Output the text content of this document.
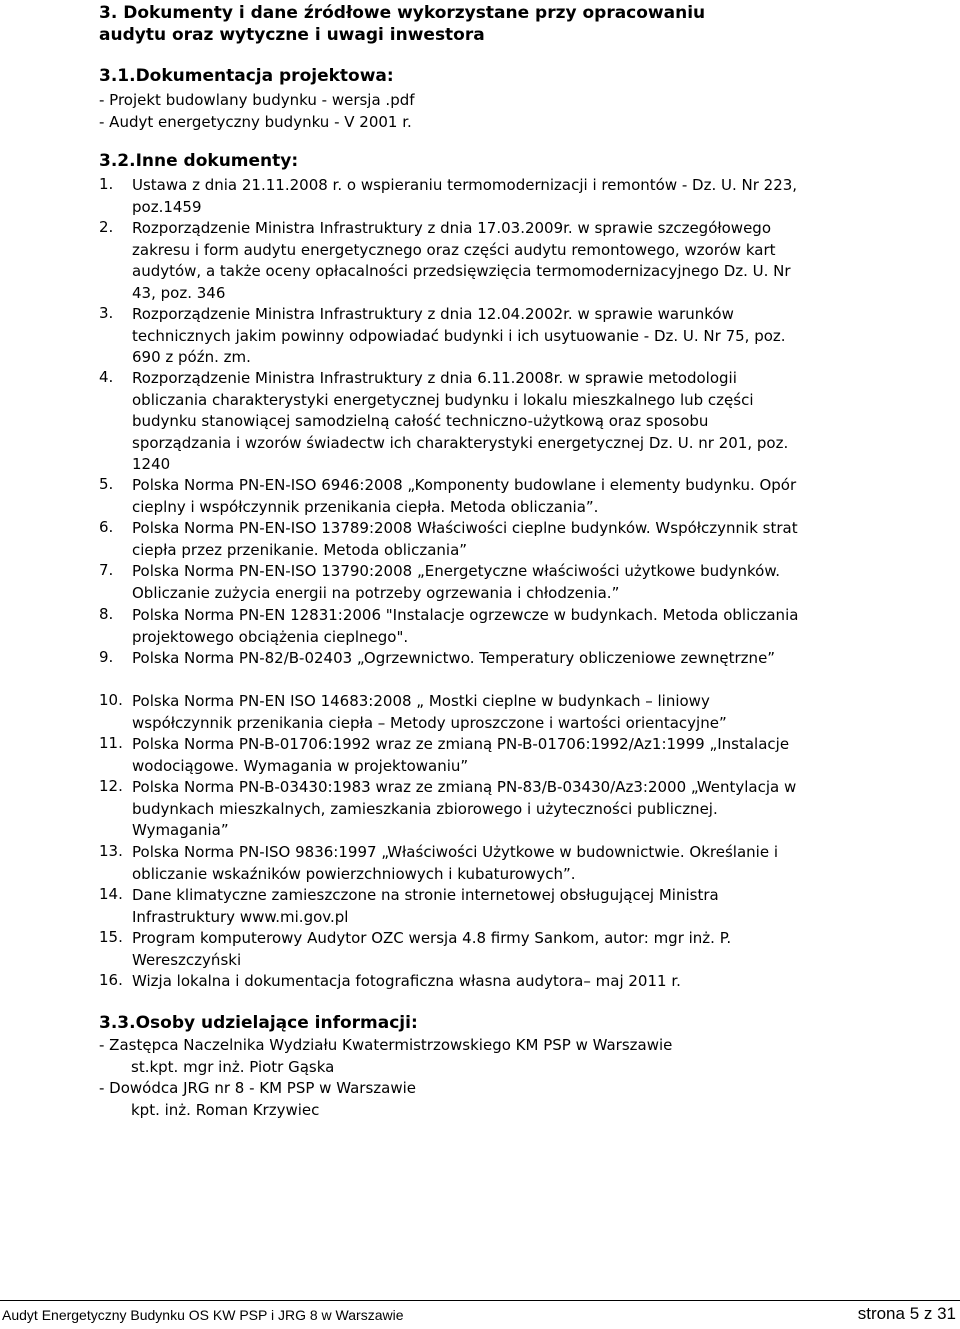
3. Dokumenty i dane źródłowe wykorzystane przy opracowaniu
audytu oraz wytyczne i uwagi inwestora
3.1.Dokumentacja projektowa:
- Projekt budowlany budynku - wersja .pdf
- Audyt energetyczny budynku - V 2001 r.
3.2.Inne dokumenty:
1. Ustawa z dnia 21.11.2008 r. o wspieraniu termomodernizacji i remontów - Dz. U. Nr 223, poz.1459
2. Rozporządzenie Ministra Infrastruktury z dnia 17.03.2009r. w sprawie szczegółowego zakresu i form audytu energetycznego oraz części audytu remontowego, wzorów kart audytów, a także oceny opłacalności przedsięwzięcia termomodernizacyjnego Dz. U. Nr 43, poz. 346
3. Rozporządzenie Ministra Infrastruktury z dnia 12.04.2002r. w sprawie warunków technicznych jakim powinny odpowiadać budynki i ich usytuowanie - Dz. U. Nr 75, poz. 690 z późn. zm.
4. Rozporządzenie Ministra Infrastruktury z dnia 6.11.2008r. w sprawie metodologii obliczania charakterystyki energetycznej budynku i lokalu mieszkalnego lub części budynku stanowiącej samodzielną całość techniczno-użytkową oraz sposobu sporządzania i wzorów świadectw ich charakterystyki energetycznej Dz. U. nr 201, poz. 1240
5. Polska Norma PN-EN-ISO 6946:2008 „Komponenty budowlane i elementy budynku. Opór cieplny i współczynnik przenikania ciepła. Metoda obliczania”.
6. Polska Norma PN-EN-ISO 13789:2008 Właściwości cieplne budynków. Współczynnik strat ciepła przez przenikanie. Metoda obliczania”
7. Polska Norma PN-EN-ISO 13790:2008 „Energetyczne właściwości użytkowe budynków. Obliczanie zużycia energii na potrzeby ogrzewania i chłodzenia.”
8. Polska Norma PN-EN 12831:2006 "Instalacje ogrzewcze w budynkach. Metoda obliczania projektowego obciążenia cieplnego".
9. Polska Norma PN-82/B-02403 „Ogrzewnictwo. Temperatury obliczeniowe zewnętrzne”
10. Polska Norma PN-EN ISO 14683:2008 „ Mostki cieplne w budynkach – liniowy współczynnik przenikania ciepła – Metody uproszczone i wartości orientacyjne”
11. Polska Norma PN-B-01706:1992 wraz ze zmianą PN-B-01706:1992/Az1:1999 „Instalacje wodociągowe. Wymagania w projektowaniu”
12. Polska Norma PN-B-03430:1983 wraz ze zmianą PN-83/B-03430/Az3:2000 „Wentylacja w budynkach mieszkalnych, zamieszkania zbiorowego i użyteczności publicznej. Wymagania”
13. Polska Norma PN-ISO 9836:1997 „Właściwości Użytkowe w budownictwie. Określanie i obliczanie wskaźników powierzchniowych i kubaturowych”.
14. Dane klimatyczne zamieszczone na stronie internetowej obsługującej Ministra Infrastruktury www.mi.gov.pl
15. Program komputerowy Audytor OZC wersja 4.8 firmy Sankom, autor: mgr inż. P. Wereszczyński
16. Wizja lokalna i dokumentacja fotograficzna własna audytora– maj 2011 r.
3.3.Osoby udzielające informacji:
- Zastępca Naczelnika Wydziału Kwatermistrzowskiego KM PSP w Warszawie
st.kpt. mgr inż. Piotr Gąska
- Dowódca JRG nr 8 - KM PSP w Warszawie
kpt. inż. Roman Krzywiec
Audyt Energetyczny Budynku OS KW PSP i JRG 8 w Warszawie	strona 5 z 31
